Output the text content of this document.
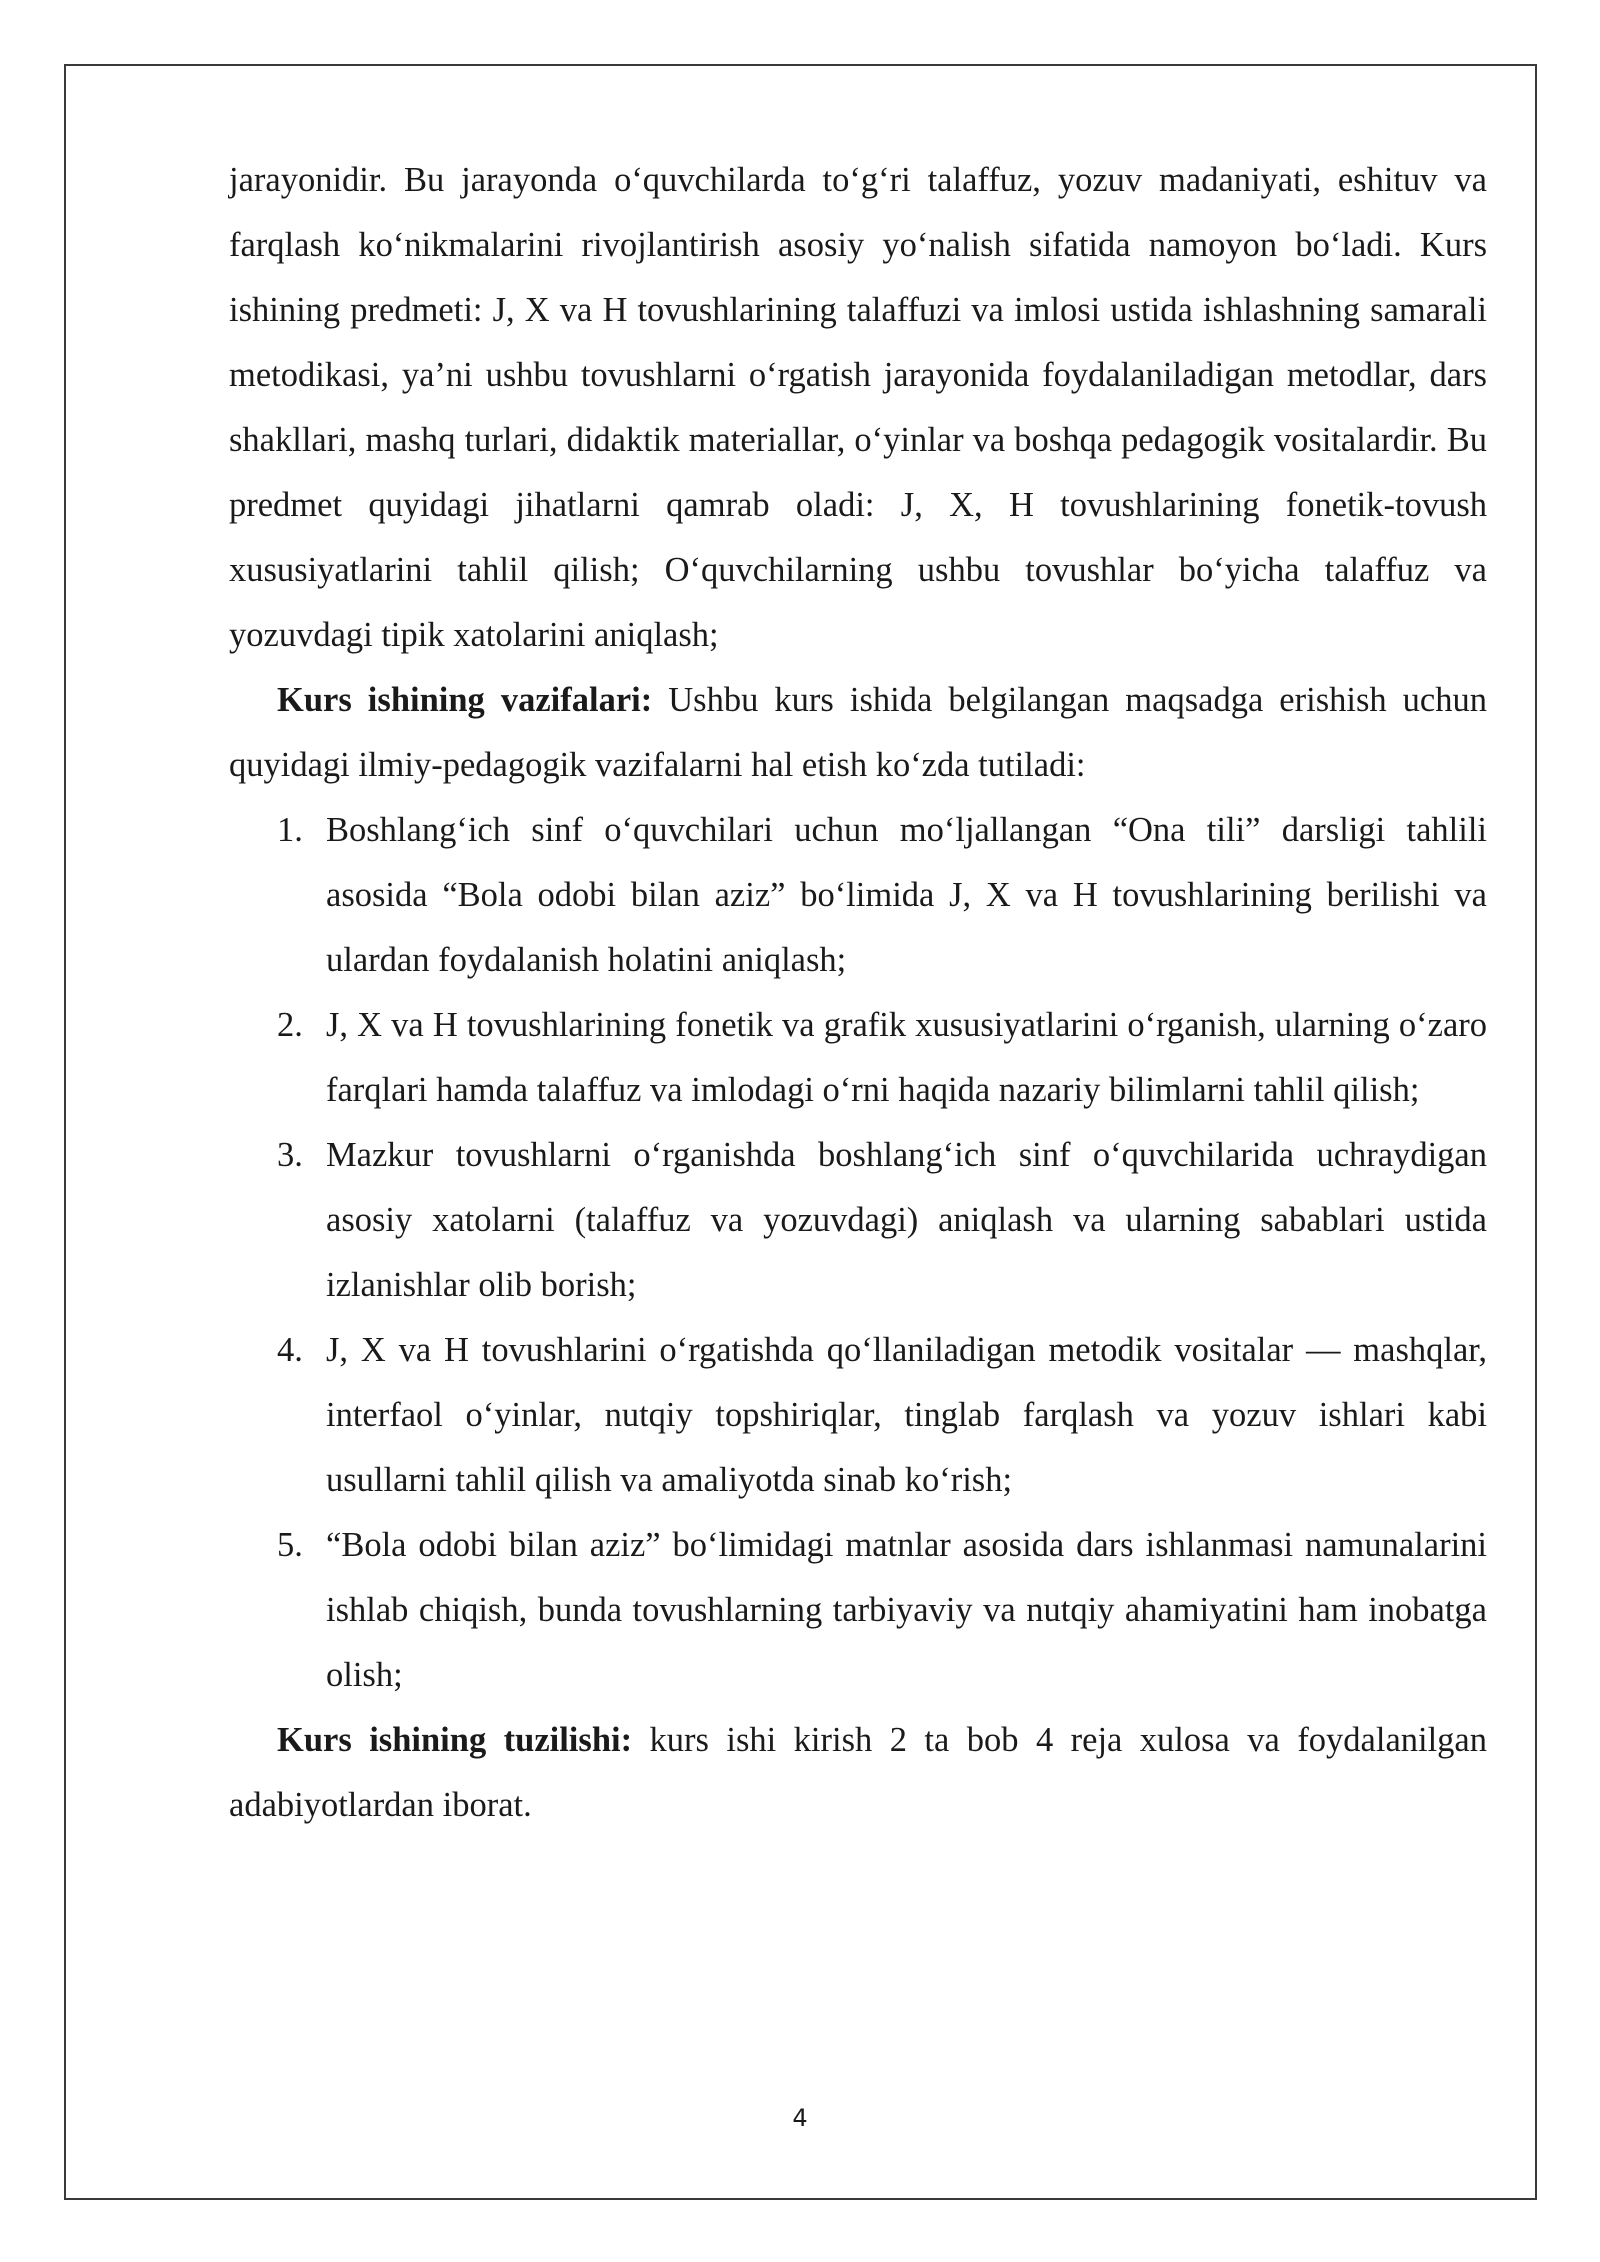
jarayonidir. Bu jarayonda o‘quvchilarda to‘g‘ri talaffuz, yozuv madaniyati, eshituv va farqlash ko‘nikmalarini rivojlantirish asosiy yo‘nalish sifatida namoyon bo‘ladi. Kurs ishining predmeti: J, X va H tovushlarining talaffuzi va imlosi ustida ishlashning samarali metodikasi, ya’ni ushbu tovushlarni o‘rgatish jarayonida foydalaniladigan metodlar, dars shakllari, mashq turlari, didaktik materiallar, o‘yinlar va boshqa pedagogik vositalardir. Bu predmet quyidagi jihatlarni qamrab oladi: J, X, H tovushlarining fonetik-tovush xususiyatlarini tahlil qilish; O‘quvchilarning ushbu tovushlar bo‘yicha talaffuz va yozuvdagi tipik xatolarini aniqlash;

Kurs ishining vazifalari: Ushbu kurs ishida belgilangan maqsadga erishish uchun quyidagi ilmiy-pedagogik vazifalarni hal etish ko‘zda tutiladi:

1. Boshlang‘ich sinf o‘quvchilari uchun mo‘ljallangan “Ona tili” darsligi tahlili asosida “Bola odobi bilan aziz” bo‘limida J, X va H tovushlarining berilishi va ulardan foydalanish holatini aniqlash;
2. J, X va H tovushlarining fonetik va grafik xususiyatlarini o‘rganish, ularning o‘zaro farqlari hamda talaffuz va imlodagi o‘rni haqida nazariy bilimlarni tahlil qilish;
3. Mazkur tovushlarni o‘rganishda boshlang‘ich sinf o‘quvchilarida uchraydigan asosiy xatolarni (talaffuz va yozuvdagi) aniqlash va ularning sabablari ustida izlanishlar olib borish;
4. J, X va H tovushlarini o‘rgatishda qo‘llaniladigan metodik vositalar — mashqlar, interfaol o‘yinlar, nutqiy topshiriqlar, tinglab farqlash va yozuv ishlari kabi usullarni tahlil qilish va amaliyotda sinab ko‘rish;
5. “Bola odobi bilan aziz” bo‘limidagi matnlar asosida dars ishlanmasi namunalarini ishlab chiqish, bunda tovushlarning tarbiyaviy va nutqiy ahamiyatini ham inobatga olish;

Kurs ishining tuzilishi: kurs ishi kirish 2 ta bob 4 reja xulosa va foydalanilgan adabiyotlardan iborat.

4
